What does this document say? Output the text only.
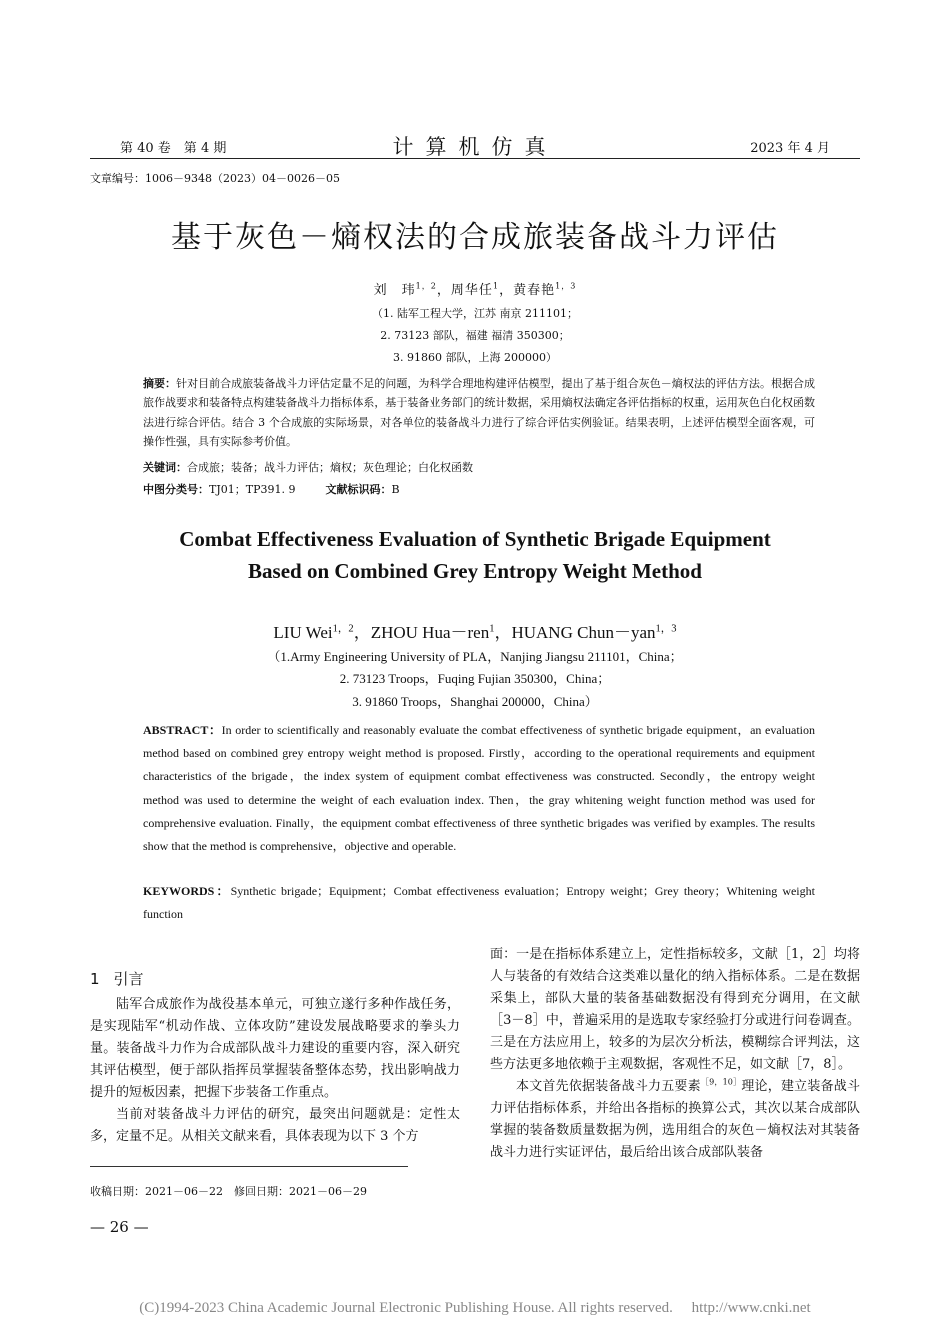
第 40 卷　第 4 期	计算机仿真	2023 年 4 月
文章编号：1006－9348（2023）04－0026－05
基于灰色－熵权法的合成旅装备战斗力评估
刘　玮$^{1,2}$，周华任$^1$，黄春艳$^{1,3}$
（1. 陆军工程大学，江苏 南京 211101；
2. 73123 部队，福建 福清 350300；
3. 91860 部队，上海 200000）
摘要：针对目前合成旅装备战斗力评估定量不足的问题，为科学合理地构建评估模型，提出了基于组合灰色－熵权法的评估方法。根据合成旅作战要求和装备特点构建装备战斗力指标体系，基于装备业务部门的统计数据，采用熵权法确定各评估指标的权重，运用灰色白化权函数法进行综合评估。结合 3 个合成旅的实际场景，对各单位的装备战斗力进行了综合评估实例验证。结果表明，上述评估模型全面客观，可操作性强，具有实际参考价值。
关键词：合成旅；装备；战斗力评估；熵权；灰色理论；白化权函数
中图分类号：TJ01；TP391. 9	文献标识码：B
Combat Effectiveness Evaluation of Synthetic Brigade Equipment
Based on Combined Grey Entropy Weight Method
LIU Wei$^{1,2}$，ZHOU Hua－ren$^1$，HUANG Chun－yan$^{1,3}$
（1.Army Engineering University of PLA，Nanjing Jiangsu 211101，China；
2. 73123 Troops，Fuqing Fujian 350300，China；
3. 91860 Troops，Shanghai 200000，China）
ABSTRACT：In order to scientifically and reasonably evaluate the combat effectiveness of synthetic brigade equipment，an evaluation method based on combined grey entropy weight method is proposed. Firstly，according to the operational requirements and equipment characteristics of the brigade，the index system of equipment combat effectiveness was constructed. Secondly，the entropy weight method was used to determine the weight of each evaluation index. Then，the gray whitening weight function method was used for comprehensive evaluation. Finally，the equipment combat effectiveness of three synthetic brigades was verified by examples. The results show that the method is comprehensive，objective and operable.
KEYWORDS：Synthetic brigade；Equipment；Combat effectiveness evaluation；Entropy weight；Grey theory；Whitening weight function
1 引言

陆军合成旅作为战役基本单元，可独立遂行多种作战任务，是实现陆军“机动作战、立体攻防”建设发展战略要求的拳头力量。装备战斗力作为合成部队战斗力建设的重要内容，深入研究其评估模型，便于部队指挥员掌握装备整体态势，找出影响战力提升的短板因素，把握下步装备工作重点。

当前对装备战斗力评估的研究，最突出问题就是：定性太多，定量不足。从相关文献来看，具体表现为以下 3 个方

面：一是在指标体系建立上，定性指标较多，文献［1，2］均将人与装备的有效结合这类难以量化的纳入指标体系。二是在数据采集上，部队大量的装备基础数据没有得到充分调用，在文献［3－8］中，普遍采用的是选取专家经验打分或进行问卷调查。三是在方法应用上，较多的为层次分析法，模糊综合评判法，这些方法更多地依赖于主观数据，客观性不足，如文献［7，8］。

本文首先依据装备战斗力五要素$^{[9,10]}$理论，建立装备战斗力评估指标体系，并给出各指标的换算公式，其次以某合成部队掌握的装备数质量数据为例，选用组合的灰色－熵权法对其装备战斗力进行实证评估，最后给出该合成部队装备

收稿日期：2021－06－22　修回日期：2021－06－29
— 26 —
(C)1994-2023 China Academic Journal Electronic Publishing House. All rights reserved.　 http://www.cnki.net
